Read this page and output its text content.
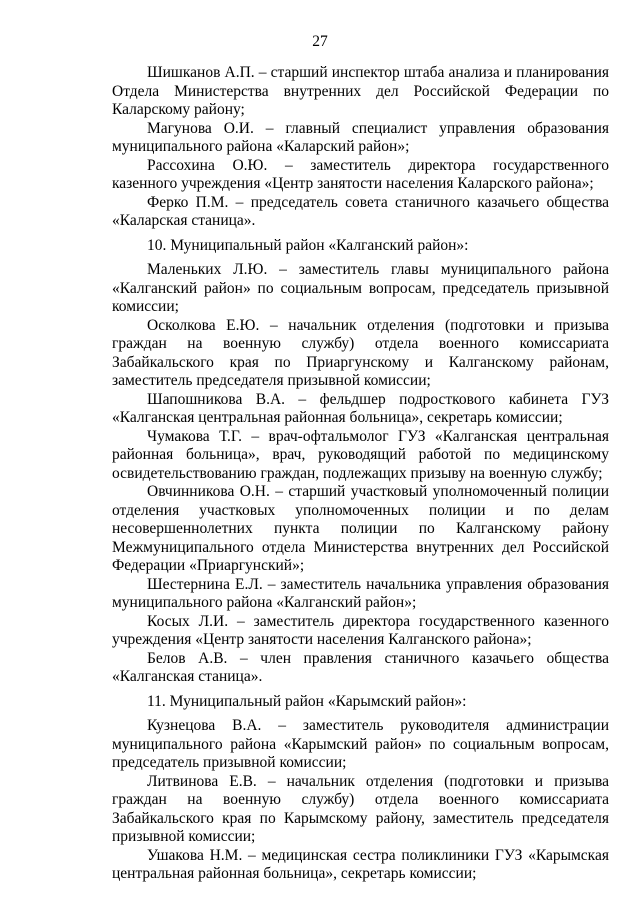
27

Шишканов А.П. – старший инспектор штаба анализа и планирования Отдела Министерства внутренних дел Российской Федерации по Каларскому району;

Магунова О.И. – главный специалист управления образования муниципального района «Каларский район»;

Рассохина О.Ю. – заместитель директора государственного казенного учреждения «Центр занятости населения Каларского района»;

Ферко П.М. – председатель совета станичного казачьего общества «Каларская станица».

10. Муниципальный район «Калганский район»:

Маленьких Л.Ю. – заместитель главы муниципального района «Калганский район» по социальным вопросам, председатель призывной комиссии;

Осколкова Е.Ю. – начальник отделения (подготовки и призыва граждан на военную службу) отдела военного комиссариата Забайкальского края по Приаргунскому и Калганскому районам, заместитель председателя призывной комиссии;

Шапошникова В.А. – фельдшер подросткового кабинета ГУЗ «Калганская центральная районная больница», секретарь комиссии;

Чумакова Т.Г. – врач-офтальмолог ГУЗ «Калганская центральная районная больница», врач, руководящий работой по медицинскому освидетельствованию граждан, подлежащих призыву на военную службу;

Овчинникова О.Н. – старший участковый уполномоченный полиции отделения участковых уполномоченных полиции и по делам несовершеннолетних пункта полиции по Калганскому району Межмуниципального отдела Министерства внутренних дел Российской Федерации «Приаргунский»;

Шестернина Е.Л. – заместитель начальника управления образования муниципального района «Калганский район»;

Косых Л.И. – заместитель директора государственного казенного учреждения «Центр занятости населения Калганского района»;

Белов А.В. – член правления станичного казачьего общества «Калганская станица».

11. Муниципальный район «Карымский район»:

Кузнецова В.А. – заместитель руководителя администрации муниципального района «Карымский район» по социальным вопросам, председатель призывной комиссии;

Литвинова Е.В. – начальник отделения (подготовки и призыва граждан на военную службу) отдела военного комиссариата Забайкальского края по Карымскому району, заместитель председателя призывной комиссии;

Ушакова Н.М. – медицинская сестра поликлиники ГУЗ «Карымская центральная районная больница», секретарь комиссии;
